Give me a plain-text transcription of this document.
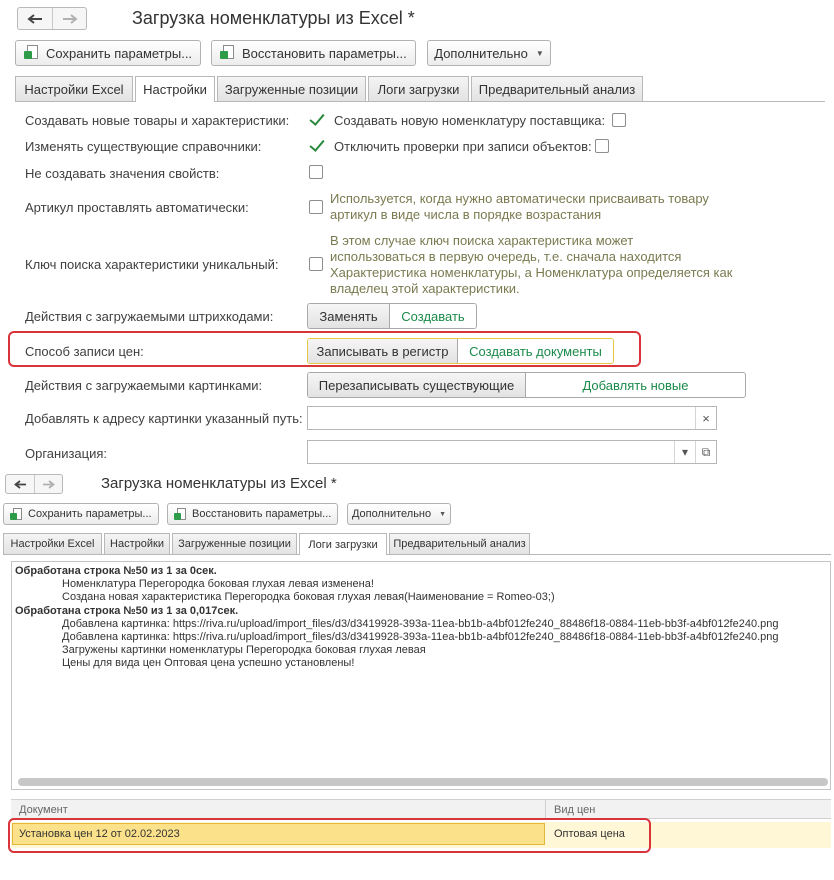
Загрузка номенклатуры из Excel *
Сохранить параметры...	Восстановить параметры... Дополнительно ▼
Настройки Excel	Настройки	Загруженные позиции	Логи загрузки	Предварительный анализ
Создавать новые товары и характеристики:	Создавать новую номенклатуру поставщика:
Изменять существующие справочники:	Отключить проверки при записи объектов:
Не создавать значения свойств:
Артикул проставлять автоматически:
Используется, когда нужно автоматически присваивать товару
артикул в виде числа в порядке возрастания
Ключ поиска характеристики уникальный:
В этом случае ключ поиска характеристика может
использоваться в первую очередь, т.е. сначала находится
Характеристика номенклатуры, а Номенклатура определяется как
владелец этой характеристики.
Действия с загружаемыми штрихкодами:	Заменять	Создавать
Способ записи цен:	Записывать в регистр	Создавать документы
Действия с загружаемыми картинками:	Перезаписывать существующие	Добавлять новые
Добавлять к адресу картинки указанный путь:	×
Организация:	▾	⧉
Загрузка номенклатуры из Excel *
Сохранить параметры...	Восстановить параметры... Дополнительно ▼
Настройки Excel	Настройки	Загруженные позиции	Логи загрузки	Предварительный анализ
Обработана строка №50 из 1 за 0сек.
Номенклатура Перегородка боковая глухая левая изменена!
Создана новая характеристика Перегородка боковая глухая левая(Наименование = Romeo-03;)
Обработана строка №50 из 1 за 0,017сек.
Добавлена картинка: https://riva.ru/upload/import_files/d3/d3419928-393a-11ea-bb1b-a4bf012fe240_88486f18-0884-11eb-bb3f-a4bf012fe240.png
Добавлена картинка: https://riva.ru/upload/import_files/d3/d3419928-393a-11ea-bb1b-a4bf012fe240_88486f18-0884-11eb-bb3f-a4bf012fe240.png
Загружены картинки номенклатуры Перегородка боковая глухая левая
Цены для вида цен Оптовая цена успешно установлены!
Документ	Вид цен
Установка цен 12 от 02.02.2023	Оптовая цена
